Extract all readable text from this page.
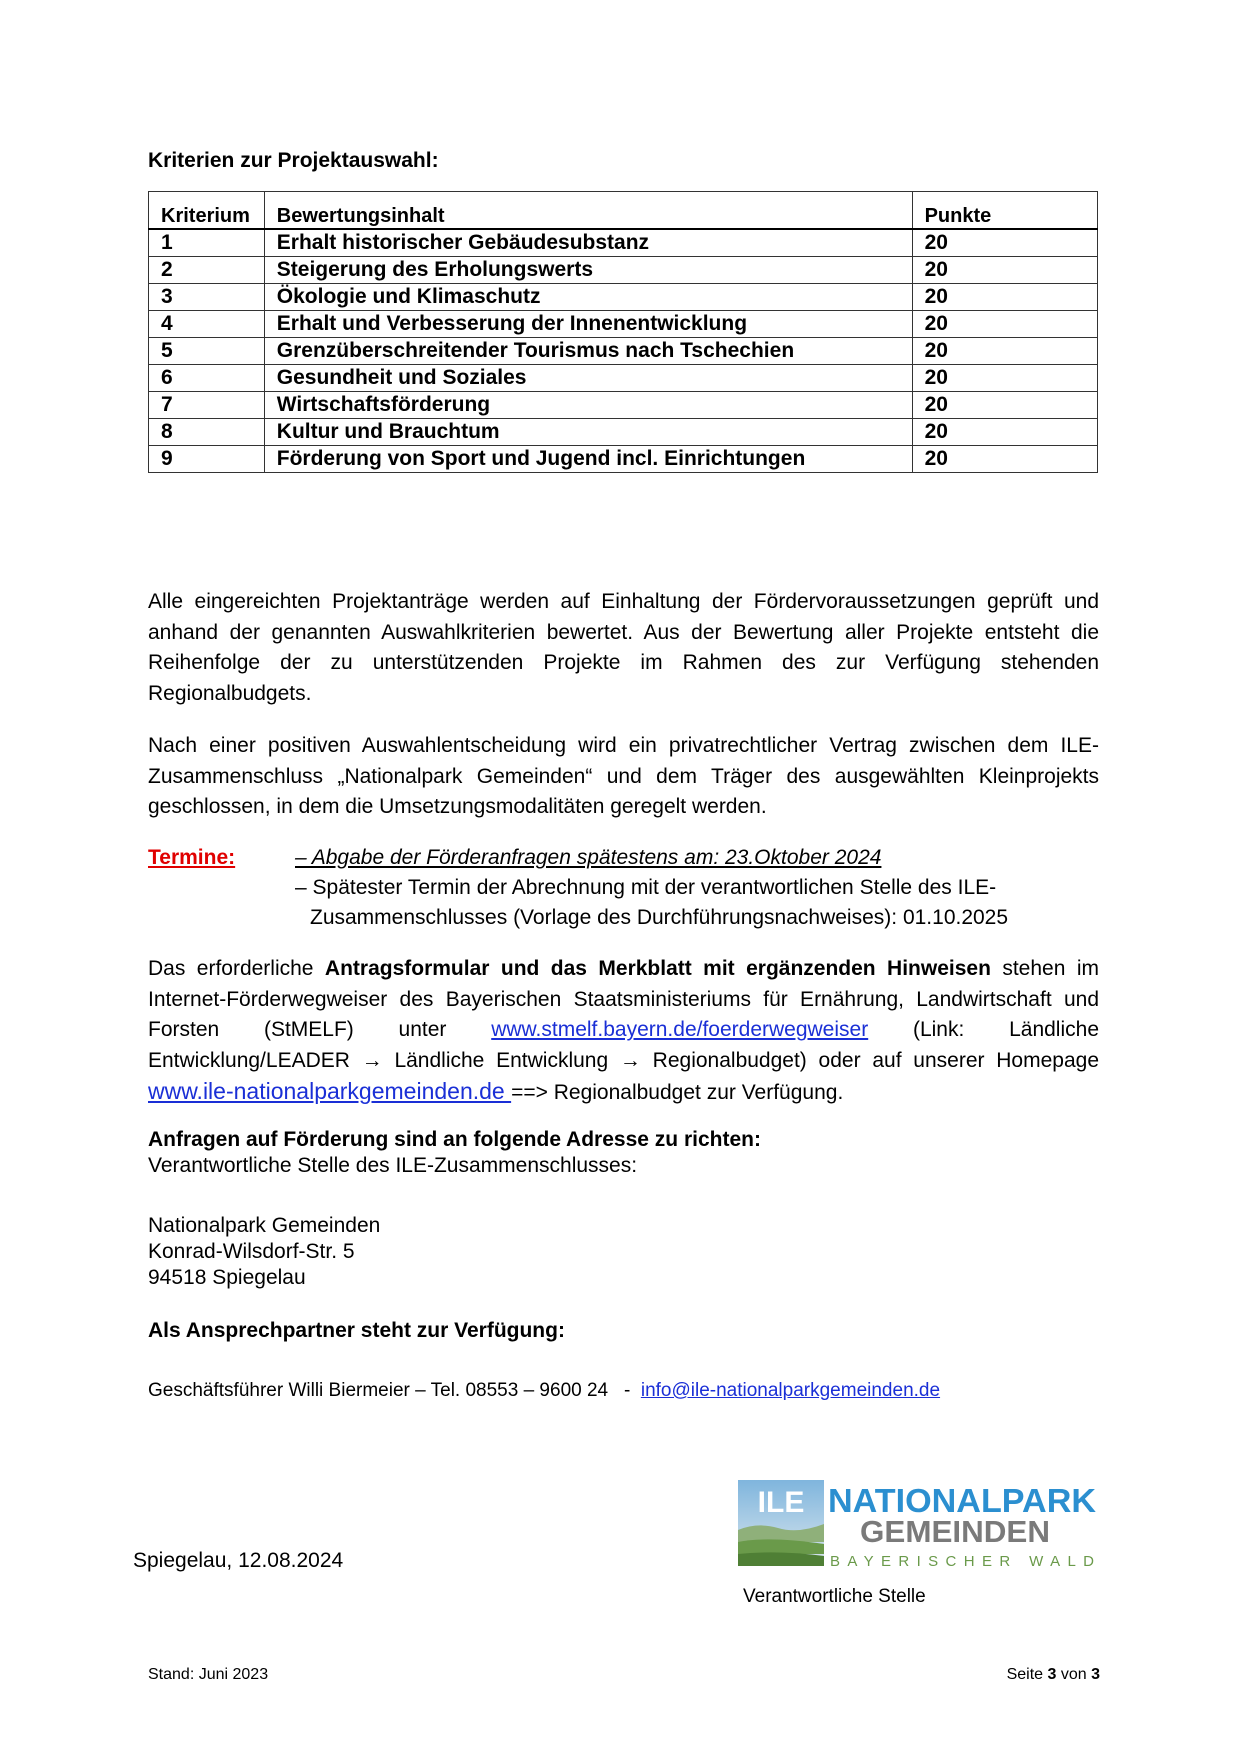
Kriterien zur Projektauswahl:
Kriterium	Bewertungsinhalt	Punkte
1	Erhalt historischer Gebäudesubstanz	20
2	Steigerung des Erholungswerts	20
3	Ökologie und Klimaschutz	20
4	Erhalt und Verbesserung der Innenentwicklung	20
5	Grenzüberschreitender Tourismus nach Tschechien	20
6	Gesundheit und Soziales	20
7	Wirtschaftsförderung	20
8	Kultur und Brauchtum	20
9	Förderung von Sport und Jugend incl. Einrichtungen	20
Alle eingereichten Projektanträge werden auf Einhaltung der Fördervoraussetzungen geprüft und anhand der genannten Auswahlkriterien bewertet. Aus der Bewertung aller Projekte entsteht die Reihenfolge der zu unterstützenden Projekte im Rahmen des zur Verfügung stehenden Regionalbudgets.
Nach einer positiven Auswahlentscheidung wird ein privatrechtlicher Vertrag zwischen dem ILE-Zusammenschluss „Nationalpark Gemeinden“ und dem Träger des ausgewählten Kleinprojekts geschlossen, in dem die Umsetzungsmodalitäten geregelt werden.
Termine:	– Abgabe der Förderanfragen spätestens am: 23.Oktober 2024
– Spätester Termin der Abrechnung mit der verantwortlichen Stelle des ILE-
Zusammenschlusses (Vorlage des Durchführungsnachweises): 01.10.2025
Das erforderliche Antragsformular und das Merkblatt mit ergänzenden Hinweisen stehen im Internet-Förderwegweiser des Bayerischen Staatsministeriums für Ernährung, Landwirtschaft und Forsten (StMELF) unter www.stmelf.bayern.de/foerderwegweiser (Link: Ländliche Entwicklung/LEADER → Ländliche Entwicklung → Regionalbudget) oder auf unserer Homepage www.ile-nationalparkgemeinden.de ==> Regionalbudget zur Verfügung.
Anfragen auf Förderung sind an folgende Adresse zu richten:
Verantwortliche Stelle des ILE-Zusammenschlusses:
Nationalpark Gemeinden
Konrad-Wilsdorf-Str. 5
94518 Spiegelau
Als Ansprechpartner steht zur Verfügung:
Geschäftsführer Willi Biermeier – Tel. 08553 – 9600 24   -  info@ile-nationalparkgemeinden.de
Spiegelau, 12.08.2024
ILE NATIONALPARK
GEMEINDEN
BAYERISCHER WALD
Verantwortliche Stelle
Stand: Juni 2023	Seite 3 von 3
